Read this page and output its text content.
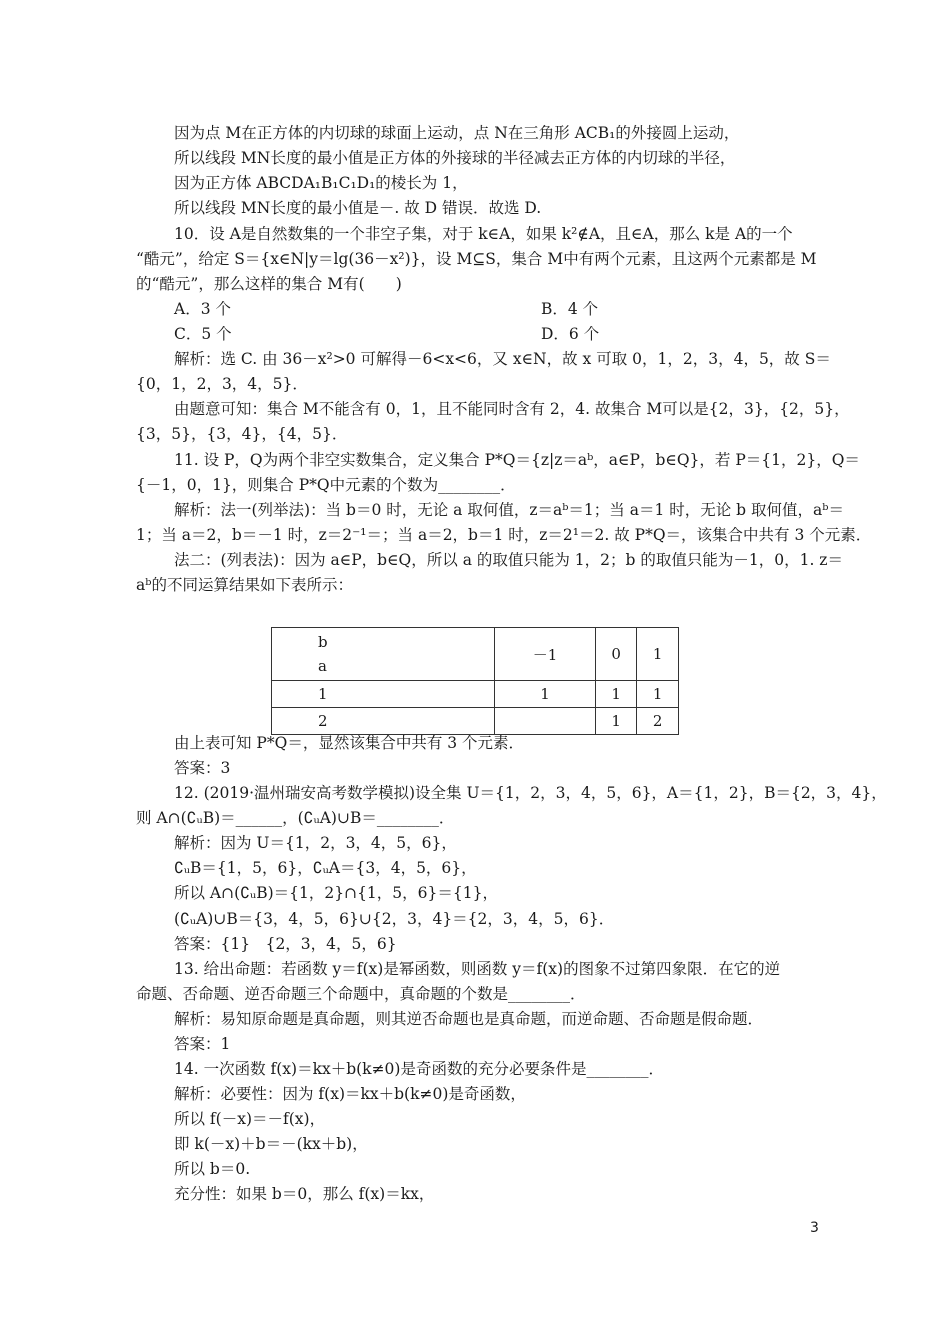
因为点 M在正方体的内切球的球面上运动，点 N在三角形 ACB₁的外接圆上运动，
所以线段 MN长度的最小值是正方体的外接球的半径减去正方体的内切球的半径，
因为正方体 ABCDA₁B₁C₁D₁的棱长为 1，
所以线段 MN长度的最小值是－. 故 D 错误．故选 D.
10．设 A是自然数集的一个非空子集，对于 k∈A，如果 k²∉A，且∈A，那么 k是 A的一个
“酷元”，给定 S＝{x∈N|y＝lg(36－x²)}，设 M⊆S，集合 M中有两个元素，且这两个元素都是 M
的“酷元”，那么这样的集合 M有(　　)
A．3 个	B．4 个
C．5 个	D．6 个
解析：选 C. 由 36－x²>0 可解得－6<x<6，又 x∈N，故 x 可取 0，1，2，3，4，5，故 S＝
{0，1，2，3，4，5}．
由题意可知：集合 M不能含有 0，1，且不能同时含有 2，4. 故集合 M可以是{2，3}，{2，5}，
{3，5}，{3，4}，{4，5}．
11. 设 P，Q为两个非空实数集合，定义集合 P*Q＝{z|z＝aᵇ，a∈P，b∈Q}，若 P＝{1，2}，Q＝
{－1，0，1}，则集合 P*Q中元素的个数为________．
解析：法一(列举法)：当 b＝0 时，无论 a 取何值，z＝aᵇ＝1；当 a＝1 时，无论 b 取何值，aᵇ＝
1；当 a＝2，b＝－1 时，z＝2⁻¹＝；当 a＝2，b＝1 时，z＝2¹＝2. 故 P*Q＝，该集合中共有 3 个元素．
法二：(列表法)：因为 a∈P，b∈Q，所以 a 的取值只能为 1，2；b 的取值只能为－1，0，1. z＝
aᵇ的不同运算结果如下表所示：
由上表可知 P*Q＝，显然该集合中共有 3 个元素．
答案：3
12. (2019·温州瑞安高考数学模拟)设全集 U＝{1，2，3，4，5，6}，A＝{1，2}，B＝{2，3，4}，
则 A∩(∁ᵤB)＝______，(∁ᵤA)∪B＝________．
解析：因为 U＝{1，2，3，4，5，6}，
∁ᵤB＝{1，5，6}，∁ᵤA＝{3，4，5，6}，
所以 A∩(∁ᵤB)＝{1，2}∩{1，5，6}＝{1}，
(∁ᵤA)∪B＝{3，4，5，6}∪{2，3，4}＝{2，3，4，5，6}．
答案：{1}　{2，3，4，5，6}
13. 给出命题：若函数 y＝f(x)是幂函数，则函数 y＝f(x)的图象不过第四象限．在它的逆
命题、否命题、逆否命题三个命题中，真命题的个数是________．
解析：易知原命题是真命题，则其逆否命题也是真命题，而逆命题、否命题是假命题．
答案：1
14. 一次函数 f(x)＝kx＋b(k≠0)是奇函数的充分必要条件是________．
解析：必要性：因为 f(x)＝kx＋b(k≠0)是奇函数，
所以 f(－x)＝－f(x)，
即 k(－x)＋b＝－(kx＋b)，
所以 b＝0.
充分性：如果 b＝0，那么 f(x)＝kx，
b
a	－1	0	1
1	1	1	1
2		1	2
3
